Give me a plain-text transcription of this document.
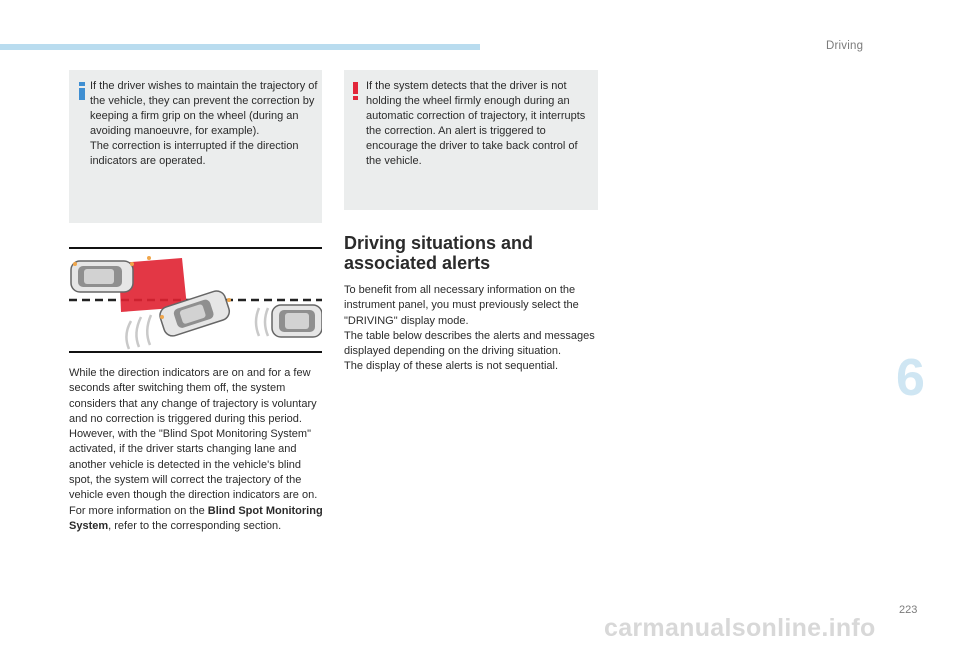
Driving

If the driver wishes to maintain the trajectory of the vehicle, they can prevent the correction by keeping a firm grip on the wheel (during an avoiding manoeuvre, for example).

The correction is interrupted if the direction indicators are operated.

If the system detects that the driver is not holding the wheel firmly enough during an automatic correction of trajectory, it interrupts the correction. An alert is triggered to encourage the driver to take back control of the vehicle.

While the direction indicators are on and for a few seconds after switching them off, the system considers that any change of trajectory is voluntary and no correction is triggered during this period.

However, with the "Blind Spot Monitoring System" activated, if the driver starts changing lane and another vehicle is detected in the vehicle's blind spot, the system will correct the trajectory of the vehicle even though the direction indicators are on.

For more information on the Blind Spot Monitoring System, refer to the corresponding section.

Driving situations and associated alerts

To benefit from all necessary information on the instrument panel, you must previously select the "DRIVING" display mode.

The table below describes the alerts and messages displayed depending on the driving situation.

The display of these alerts is not sequential.	6
223
carmanualsonline.info
